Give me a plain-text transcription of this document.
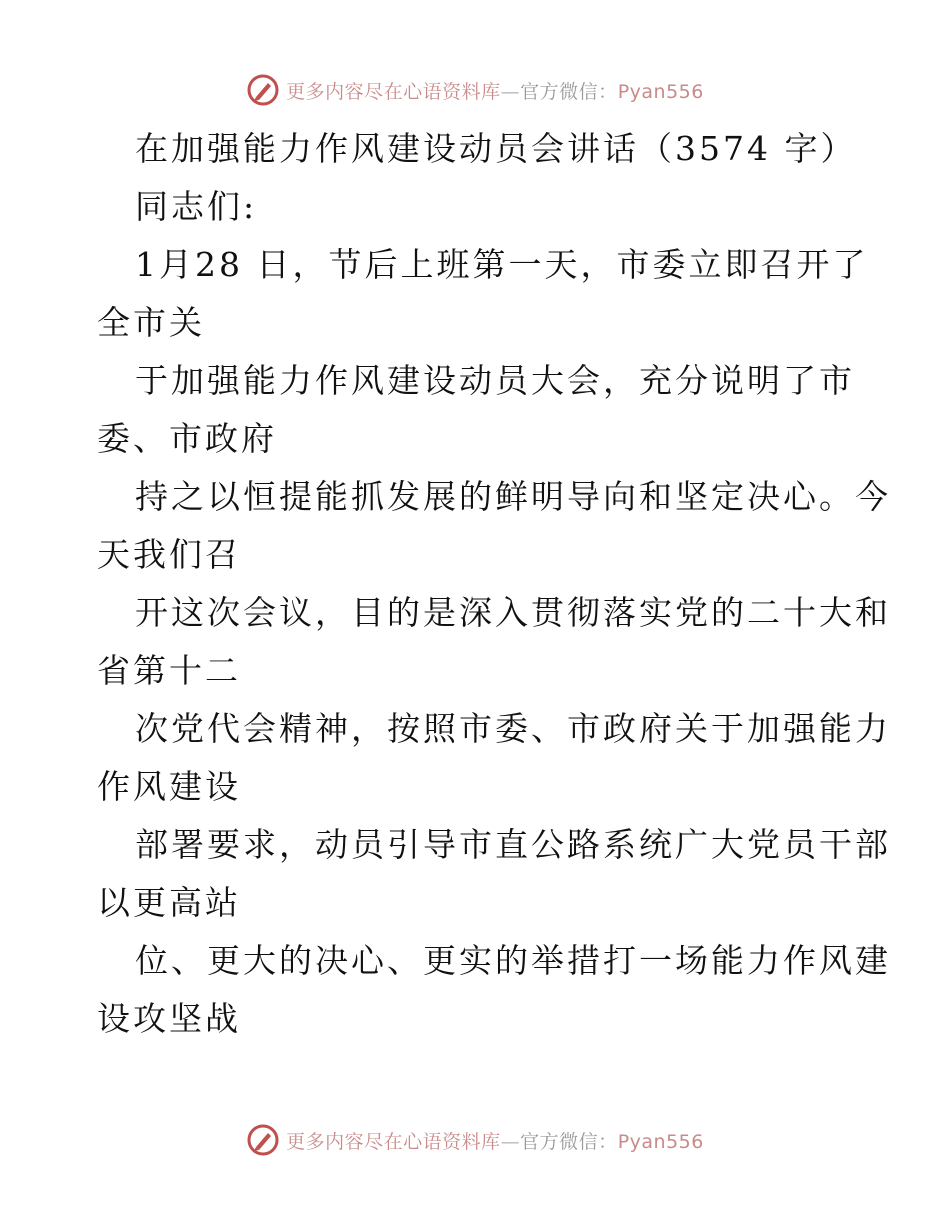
更多内容尽在心语资料库—官方微信：Pyan556
在加强能力作风建设动员会讲话（3574 字）
同志们:
1月28 日，节后上班第一天，市委立即召开了
全市关
于加强能力作风建设动员大会，充分说明了市
委、市政府
持之以恒提能抓发展的鲜明导向和坚定决心。今
天我们召
开这次会议，目的是深入贯彻落实党的二十大和
省第十二
次党代会精神，按照市委、市政府关于加强能力
作风建设
部署要求，动员引导市直公路系统广大党员干部
以更高站
位、更大的决心、更实的举措打一场能力作风建
设攻坚战
更多内容尽在心语资料库—官方微信：Pyan556
